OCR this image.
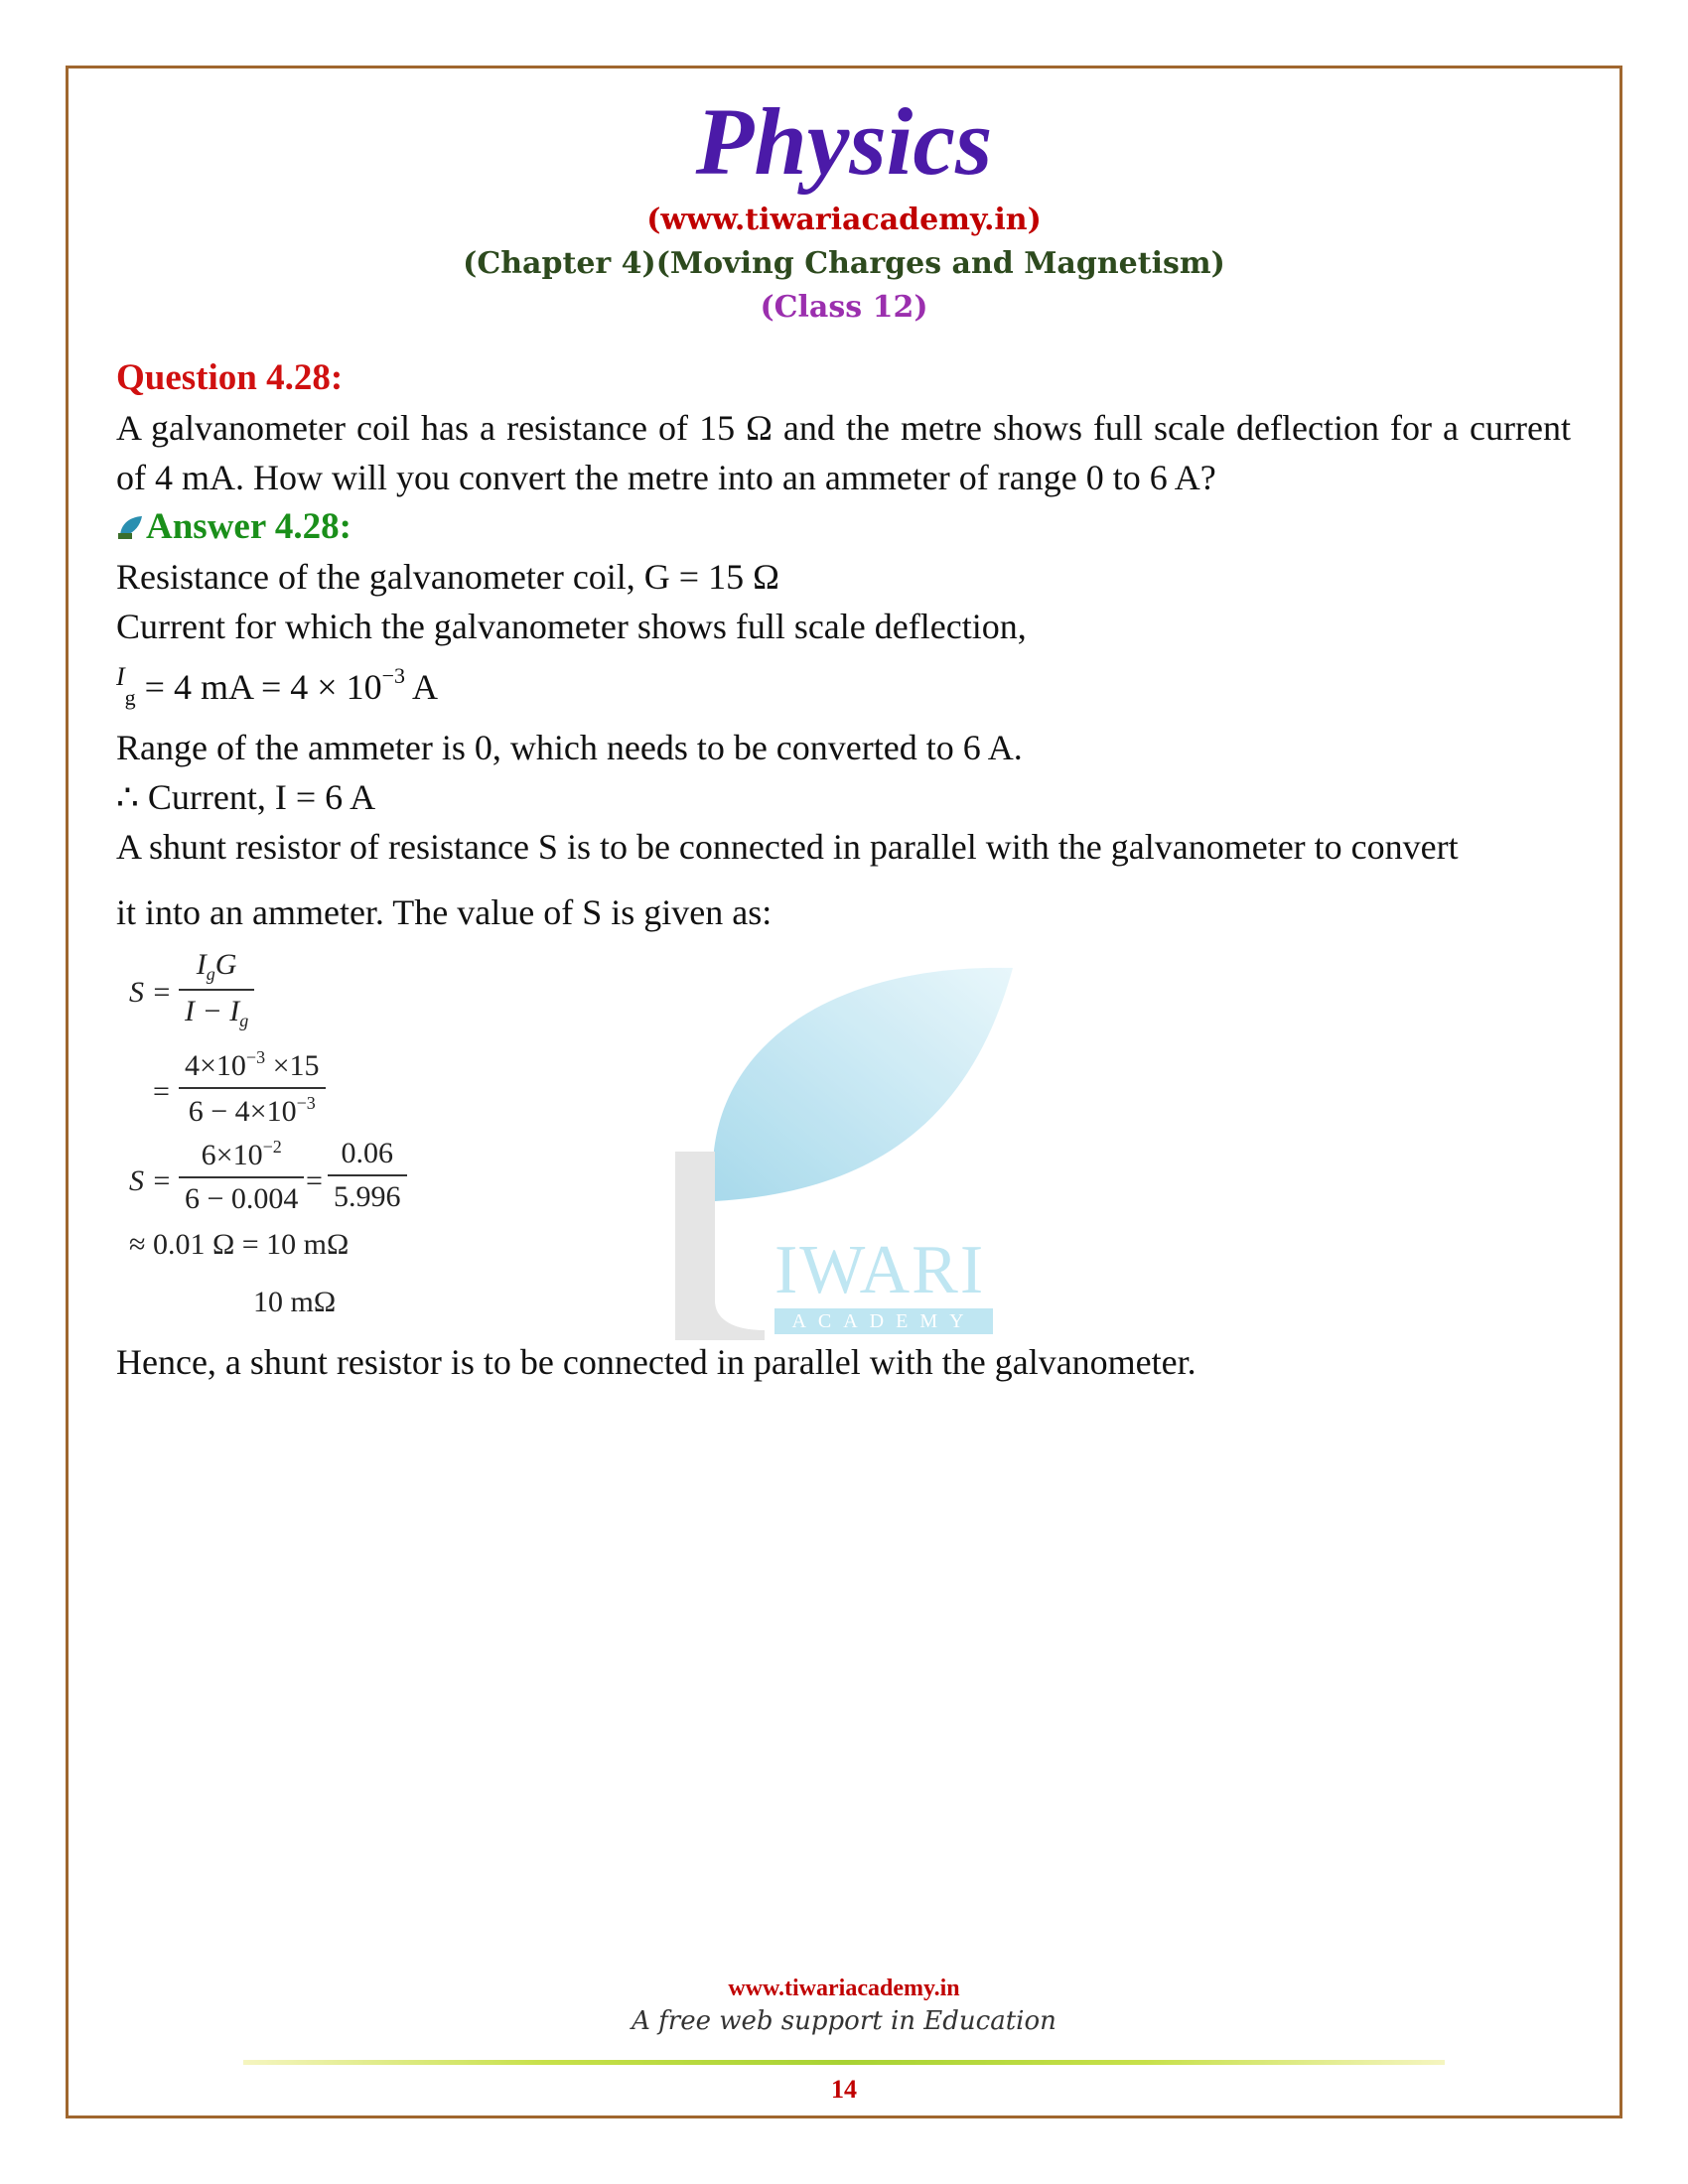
Physics
(www.tiwariacademy.in)
(Chapter 4)(Moving Charges and Magnetism)
(Class 12)
Question 4.28:
A galvanometer coil has a resistance of 15 Ω and the metre shows full scale deflection for a current of 4 mA. How will you convert the metre into an ammeter of range 0 to 6 A?
Answer 4.28:
Resistance of the galvanometer coil, G = 15 Ω
Current for which the galvanometer shows full scale deflection,
$^I_g$ = 4 mA = $4 \times 10^{-3}$ A
Range of the ammeter is 0, which needs to be converted to 6 A.
∴ Current, I = 6 A
A shunt resistor of resistance S is to be connected in parallel with the galvanometer to convert
it into an ammeter. The value of S is given as:
IWARI
ACADEMY
S =
$I_gG$
$I - I_g$
= $\frac{4\times 10^{-3} \times 15}{6 - 4\times 10^{-3}}$
$S = \frac{6\times 10^{-2}}{6 - 0.004} = \frac{0.06}{5.996}$
≈ 0.01 Ω = 10 mΩ
10 mΩ
Hence, a shunt resistor is to be connected in parallel with the galvanometer.
www.tiwariacademy.in
A free web support in Education
14
